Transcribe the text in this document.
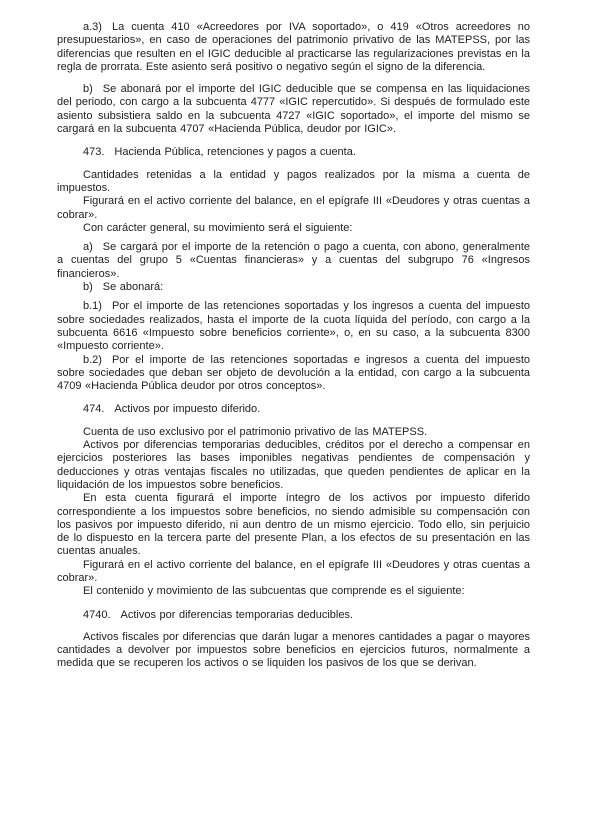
a.3) La cuenta 410 «Acreedores por IVA soportado», o 419 «Otros acreedores no presupuestarios», en caso de operaciones del patrimonio privativo de las MATEPSS, por las diferencias que resulten en el IGIC deducible al practicarse las regularizaciones previstas en la regla de prorrata. Este asiento será positivo o negativo según el signo de la diferencia.

b) Se abonará por el importe del IGIC deducible que se compensa en las liquidaciones del periodo, con cargo a la subcuenta 4777 «IGIC repercutido». Si después de formulado este asiento subsistiera saldo en la subcuenta 4727 «IGIC soportado», el importe del mismo se cargará en la subcuenta 4707 «Hacienda Pública, deudor por IGIC».

473. Hacienda Pública, retenciones y pagos a cuenta.

Cantidades retenidas a la entidad y pagos realizados por la misma a cuenta de impuestos.

Figurará en el activo corriente del balance, en el epígrafe III «Deudores y otras cuentas a cobrar».

Con carácter general, su movimiento será el siguiente:

a) Se cargará por el importe de la retención o pago a cuenta, con abono, generalmente a cuentas del grupo 5 «Cuentas financieras» y a cuentas del subgrupo 76 «Ingresos financieros».

b) Se abonará:

b.1) Por el importe de las retenciones soportadas y los ingresos a cuenta del impuesto sobre sociedades realizados, hasta el importe de la cuota líquida del período, con cargo a la subcuenta 6616 «Impuesto sobre beneficios corriente», o, en su caso, a la subcuenta 8300 «Impuesto corriente».

b.2) Por el importe de las retenciones soportadas e ingresos a cuenta del impuesto sobre sociedades que deban ser objeto de devolución a la entidad, con cargo a la subcuenta 4709 «Hacienda Pública deudor por otros conceptos».

474. Activos por impuesto diferido.

Cuenta de uso exclusivo por el patrimonio privativo de las MATEPSS.

Activos por diferencias temporarias deducibles, créditos por el derecho a compensar en ejercicios posteriores las bases imponibles negativas pendientes de compensación y deducciones y otras ventajas fiscales no utilizadas, que queden pendientes de aplicar en la liquidación de los impuestos sobre beneficios.

En esta cuenta figurará el importe íntegro de los activos por impuesto diferido correspondiente a los impuestos sobre beneficios, no siendo admisible su compensación con los pasivos por impuesto diferido, ni aun dentro de un mismo ejercicio. Todo ello, sin perjuicio de lo dispuesto en la tercera parte del presente Plan, a los efectos de su presentación en las cuentas anuales.

Figurará en el activo corriente del balance, en el epígrafe III «Deudores y otras cuentas a cobrar».

El contenido y movimiento de las subcuentas que comprende es el siguiente:

4740. Activos por diferencias temporarias deducibles.

Activos fiscales por diferencias que darán lugar a menores cantidades a pagar o mayores cantidades a devolver por impuestos sobre beneficios en ejercicios futuros, normalmente a medida que se recuperen los activos o se liquiden los pasivos de los que se derivan.
